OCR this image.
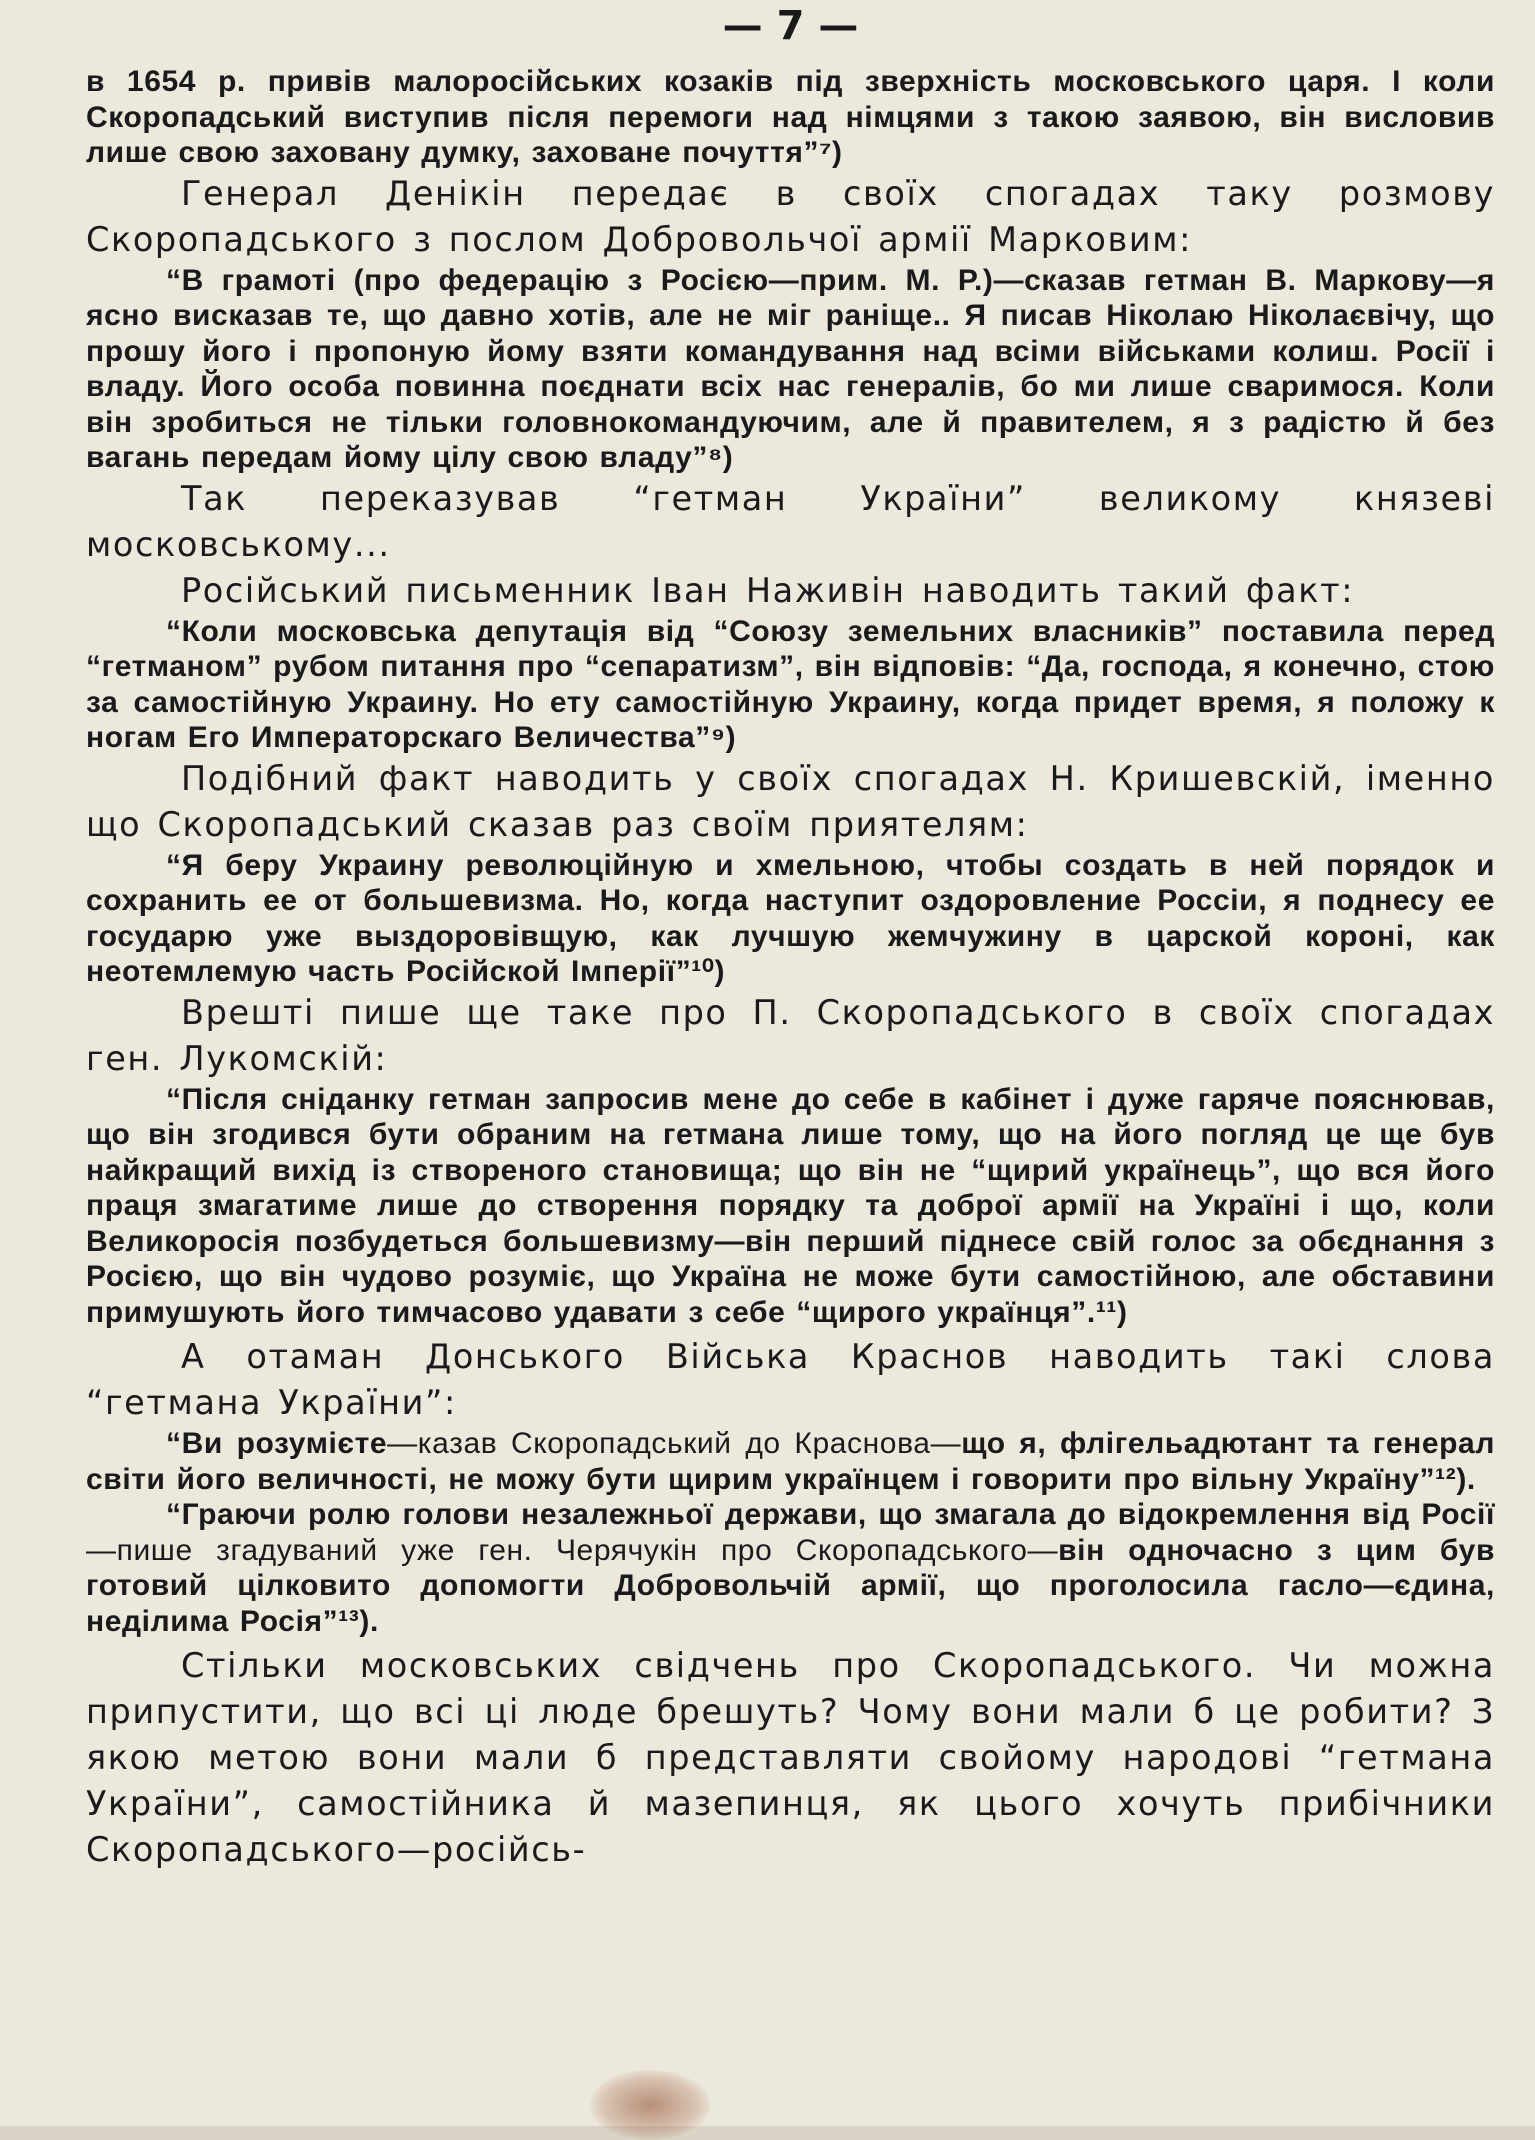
— 7 —

в 1654 р. привів малоросійських козаків під зверхність московського царя. І коли Скоропадський виступив після перемоги над німцями з такою заявою, він висловив лише свою заховану думку, заховане почуття”⁷)

Генерал Денікін передає в своїх спогадах таку розмову Скоропадського з послом Добровольчої армії Марковим:

“В грамоті (про федерацію з Росією—прим. М. Р.)—сказав гетман В. Маркову—я ясно висказав те, що давно хотів, але не міг раніще.. Я писав Ніколаю Ніколаєвічу, що прошу його і пропоную йому взяти командування над всіми військами колиш. Росії і владу. Його особа повинна поєднати всіх нас генералів, бо ми лише сваримося. Коли він зробиться не тільки головнокомандуючим, але й правителем, я з радістю й без вагань передам йому цілу свою владу”⁸)

Так переказував “гетман України” великому князеві московському...

Російський письменник Іван Наживін наводить такий факт:

“Коли московська депутація від “Союзу земельних власників” поставила перед “гетманом” рубом питання про “сепаратизм”, він відповів: “Да, господа, я конечно, стою за самостійную Украину. Но ету самостійную Украину, когда придет время, я положу к ногам Его Императорскаго Величества”⁹)

Подібний факт наводить у своїх спогадах Н. Кришевскій, іменно що Скоропадський сказав раз своїм приятелям:

“Я беру Украину революційную и хмельною, чтобы создать в ней порядок и сохранить ее от большевизма. Но, когда наступит оздоровление Россіи, я поднесу ее государю уже выздоровівщую, как лучшую жемчужину в царской короні, как неотемлемую часть Російской Імперії”¹⁰)

Врешті пише ще таке про П. Скоропадського в своїх спогадах ген. Лукомскій:

“Після сніданку гетман запросив мене до себе в кабінет і дуже гаряче пояснював, що він згодився бути обраним на гетмана лише тому, що на його погляд це ще був найкращий вихід із створеного становища; що він не “щирий українець”, що вся його праця змагатиме лише до створення порядку та доброї армії на Україні і що, коли Великоросія позбудеться большевизму—він перший піднесе свій голос за обєднання з Росією, що він чудово розуміє, що Україна не може бути самостійною, але обставини примушують його тимчасово удавати з себе “щирого українця”.¹¹)

А отаман Донського Війська Краснов наводить такі слова “гетмана України”:

“Ви розумієте—казав Скоропадський до Краснова—що я, флігельадютант та генерал світи його величності, не можу бути щирим українцем і говорити про вільну Україну”¹²).

“Граючи ролю голови незалежньої держави, що змагала до відокремлення від Росії—пише згадуваний уже ген. Черячукін про Скоропадського—він одночасно з цим був готовий цілковито допомогти Добровольчій армії, що проголосила гасло—єдина, неділима Росія”¹³).

Стільки московських свідчень про Скоропадського. Чи можна припустити, що всі ці люде брешуть? Чому вони мали б це робити? З якою метою вони мали б представляти свойому народові “гетмана України”, самостійника й мазепинця, як цього хочуть прибічники Скоропадського—російсь-
